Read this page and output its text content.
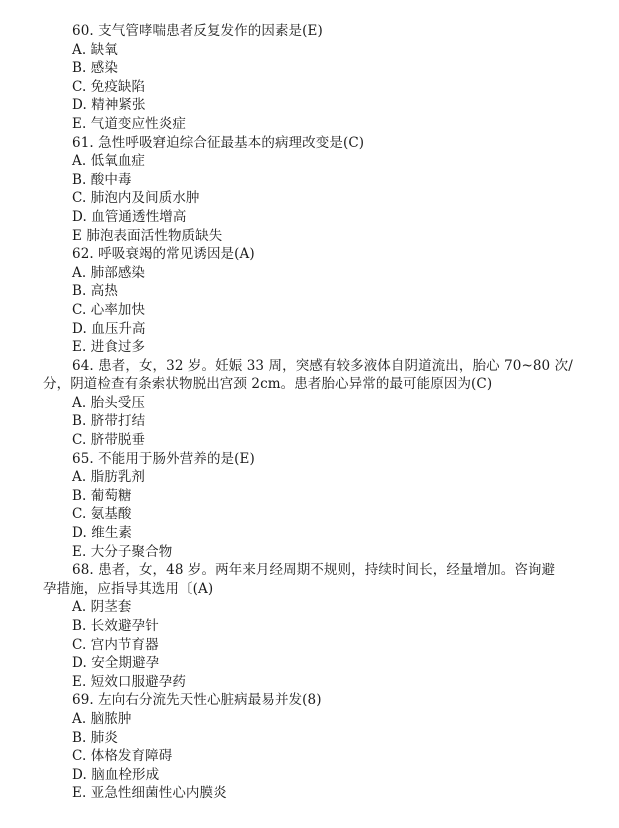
60. 支气管哮喘患者反复发作的因素是(E)
A. 缺氧
B. 感染
C. 免疫缺陷
D. 精神紧张
E. 气道变应性炎症
61. 急性呼吸窘迫综合征最基本的病理改变是(C)
A. 低氧血症
B. 酸中毒
C. 肺泡内及间质水肿
D. 血管通透性增高
E 肺泡表面活性物质缺失
62. 呼吸衰竭的常见诱因是(A)
A. 肺部感染
B. 高热
C. 心率加快
D. 血压升高
E. 进食过多
64. 患者，女，32 岁。妊娠 33 周，突感有较多液体自阴道流出，胎心 70~80 次/
分，阴道检查有条索状物脱出宫颈 2cm。患者胎心异常的最可能原因为(C)
A. 胎头受压
B. 脐带打结
C. 脐带脱垂
65. 不能用于肠外营养的是(E)
A. 脂肪乳剂
B. 葡萄糖
C. 氨基酸
D. 维生素
E. 大分子聚合物
68. 患者，女，48 岁。两年来月经周期不规则，持续时间长，经量增加。咨询避
孕措施，应指导其选用〔(A)
A. 阴茎套
B. 长效避孕针
C. 宫内节育器
D. 安全期避孕
E. 短效口服避孕药
69. 左向右分流先天性心脏病最易并发(8)
A. 脑脓肿
B. 肺炎
C. 体格发育障碍
D. 脑血栓形成
E. 亚急性细菌性心内膜炎
